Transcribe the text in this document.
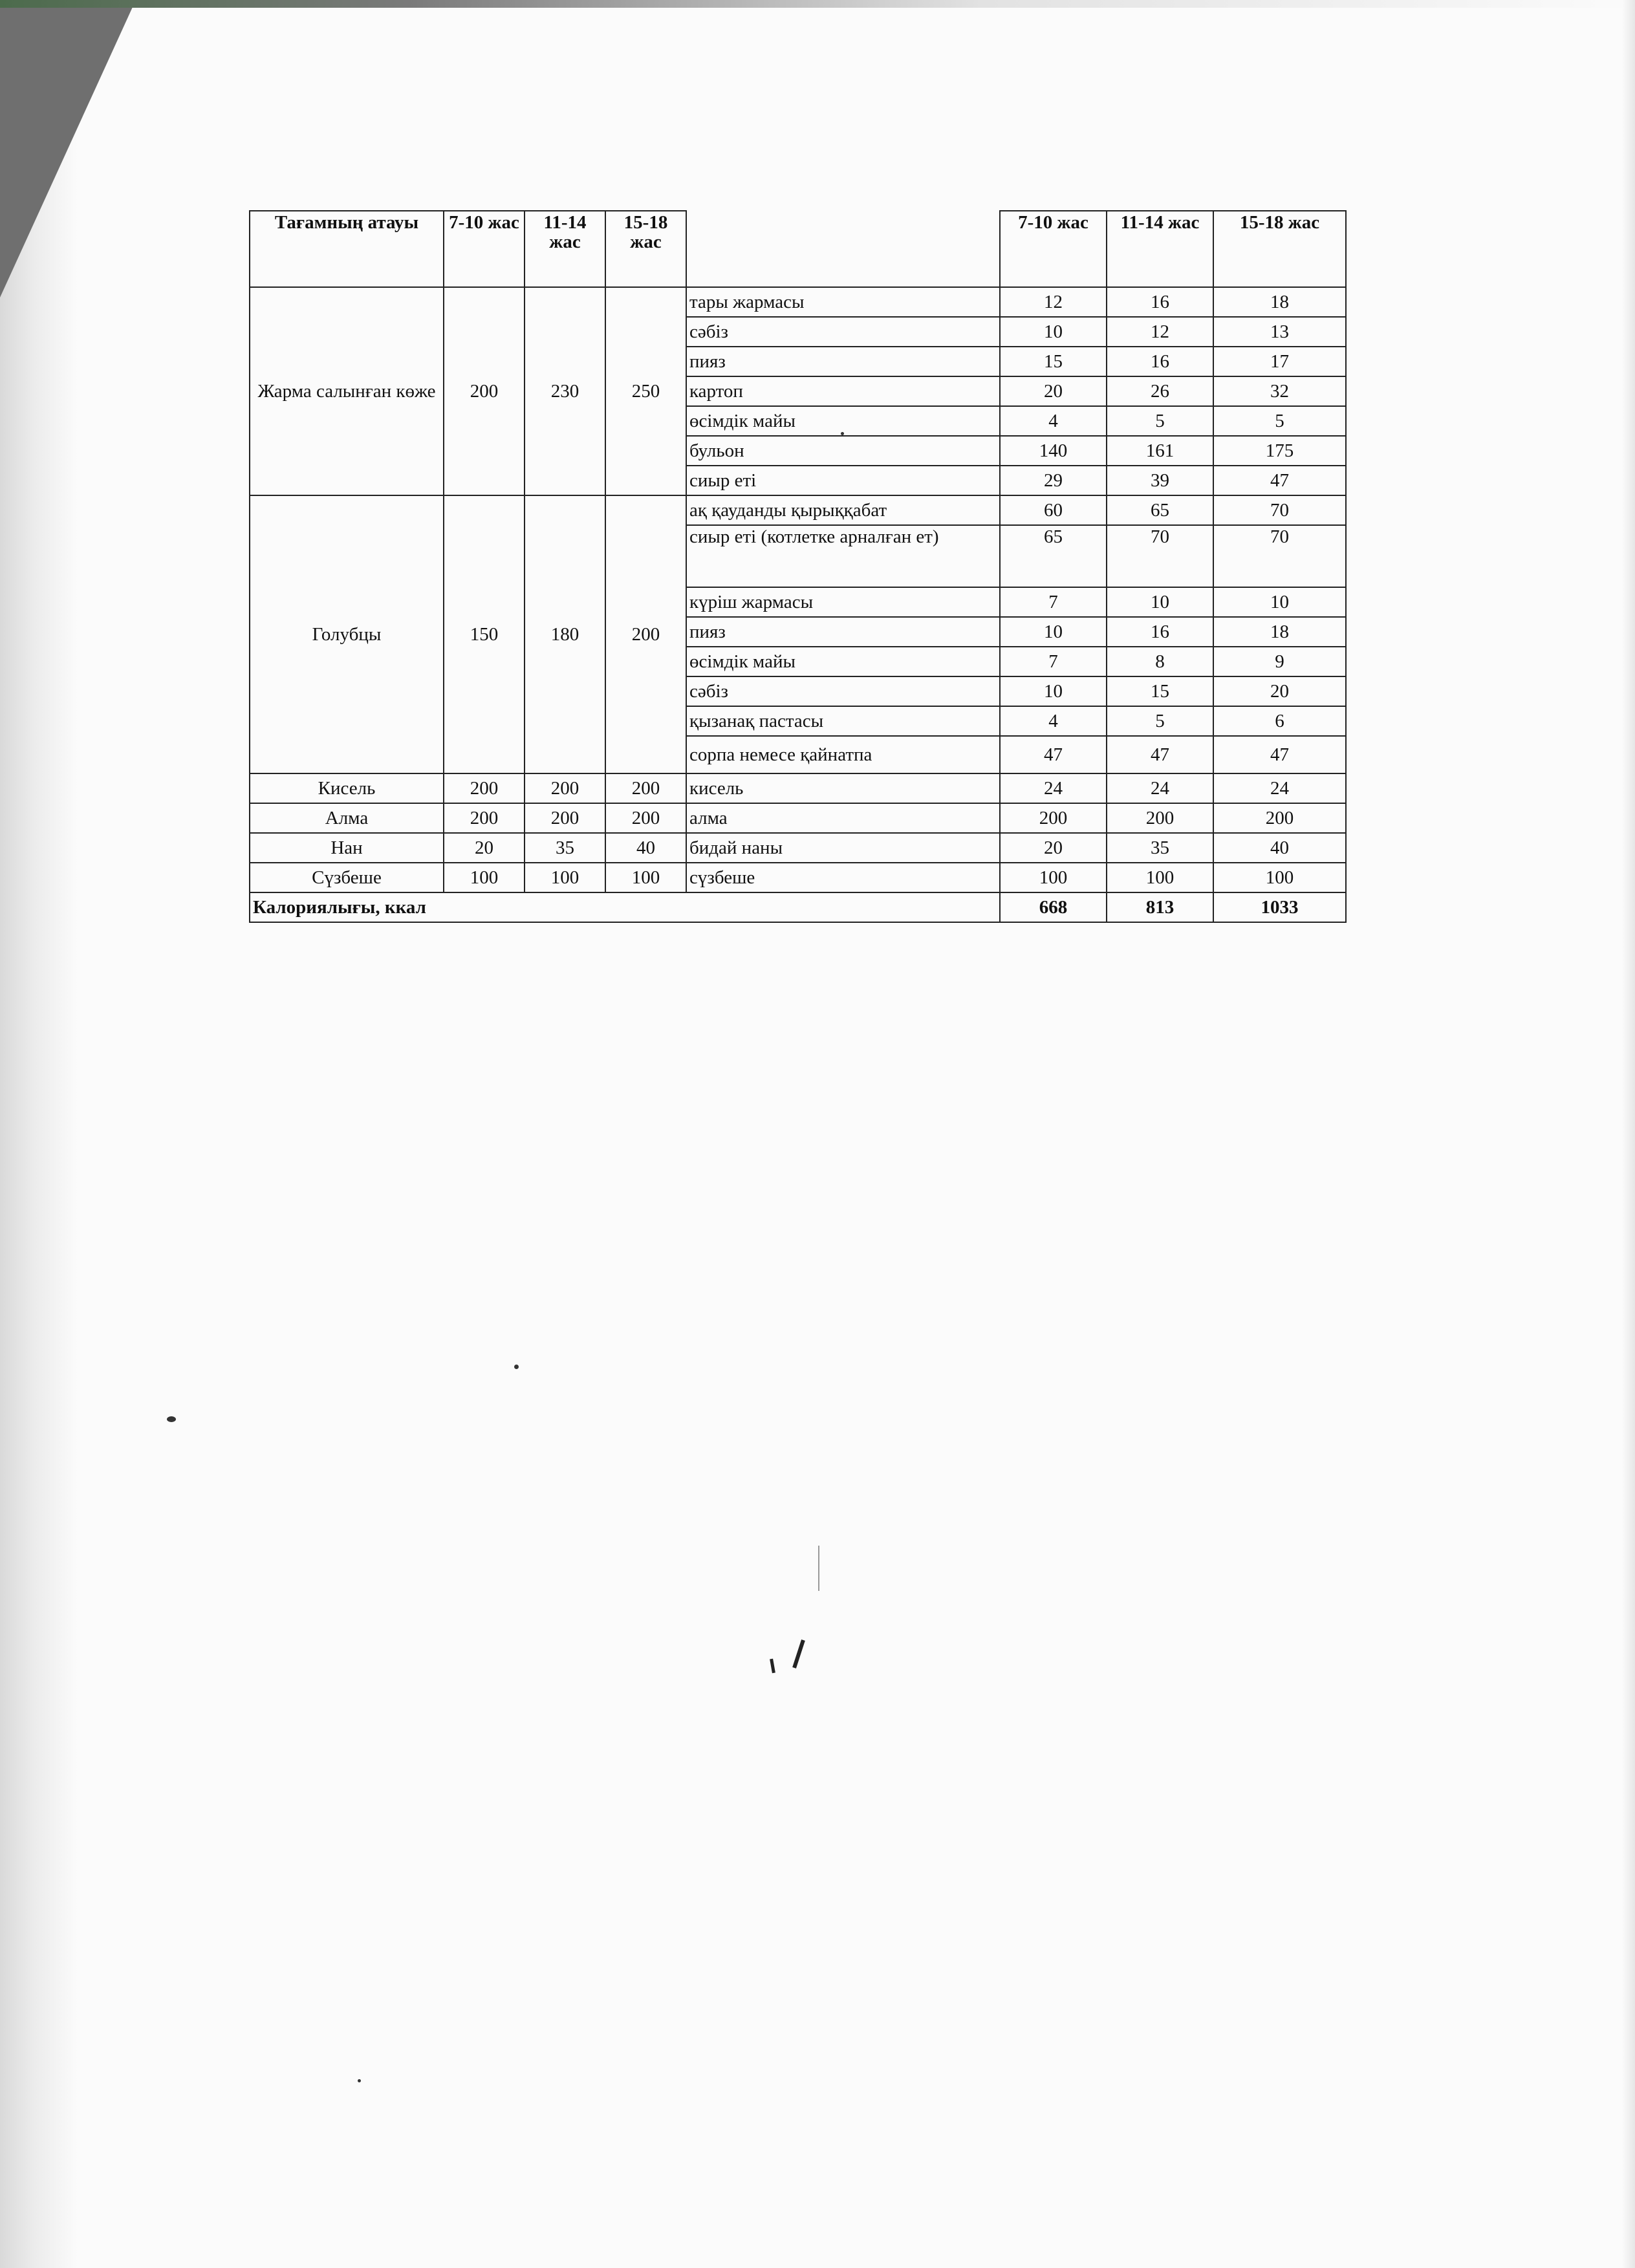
Тағамның атауы	7-10 жас	11-14 жас	15-18 жас		7-10 жас	11-14 жас	15-18 жас
Жарма салынған көже	200	230	250	тары жармасы	12	16	18
				сәбіз	10	12	13
				пияз	15	16	17
				картоп	20	26	32
				өсімдік майы	4	5	5
				бульон	140	161	175
				сиыр еті	29	39	47
Голубцы	150	180	200	ақ қауданды қырыққабат	60	65	70
				сиыр еті (котлетке арналған ет)	65	70	70
				күріш жармасы	7	10	10
				пияз	10	16	18
				өсімдік майы	7	8	9
				сәбіз	10	15	20
				қызанақ пастасы	4	5	6
				сорпа немесе қайнатпа	47	47	47
Кисель	200	200	200	кисель	24	24	24
Алма	200	200	200	алма	200	200	200
Нан	20	35	40	бидай наны	20	35	40
Сүзбеше	100	100	100	сүзбеше	100	100	100
Калориялығы, ккал					668	813	1033
